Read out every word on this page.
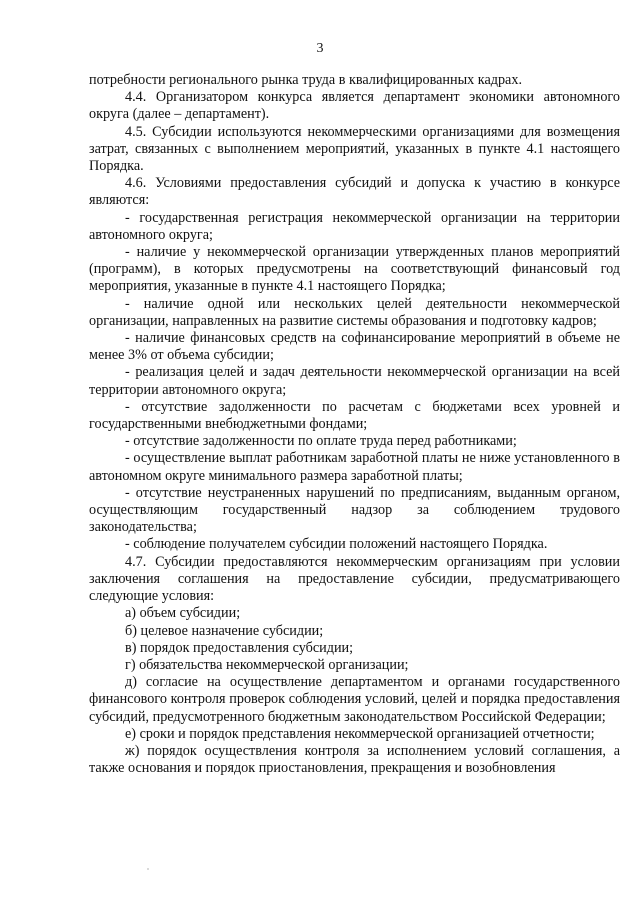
3

потребности регионального рынка труда в квалифицированных кадрах.

4.4. Организатором конкурса является департамент экономики автономного округа (далее – департамент).

4.5. Субсидии используются некоммерческими организациями для возмещения затрат, связанных с выполнением мероприятий, указанных в пункте 4.1 настоящего Порядка.

4.6. Условиями предоставления субсидий и допуска к участию в конкурсе являются:

- государственная регистрация некоммерческой организации на территории автономного округа;

- наличие у некоммерческой организации утвержденных планов мероприятий (программ), в которых предусмотрены на соответствующий финансовый год мероприятия, указанные в пункте 4.1 настоящего Порядка;

- наличие одной или нескольких целей деятельности некоммерческой организации, направленных на развитие системы образования и подготовку кадров;

- наличие финансовых средств на софинансирование мероприятий в объеме не менее 3% от объема субсидии;

- реализация целей и задач деятельности некоммерческой организации на всей территории автономного округа;

- отсутствие задолженности по расчетам с бюджетами всех уровней и государственными внебюджетными фондами;

- отсутствие задолженности по оплате труда перед работниками;

- осуществление выплат работникам заработной платы не ниже установленного в автономном округе минимального размера заработной платы;

- отсутствие неустраненных нарушений по предписаниям, выданным органом, осуществляющим государственный надзор за соблюдением трудового законодательства;

- соблюдение получателем субсидии положений настоящего Порядка.

4.7. Субсидии предоставляются некоммерческим организациям при условии заключения соглашения на предоставление субсидии, предусматривающего следующие условия:

а) объем субсидии;

б) целевое назначение субсидии;

в) порядок предоставления субсидии;

г) обязательства некоммерческой организации;

д) согласие на осуществление департаментом и органами государственного финансового контроля проверок соблюдения условий, целей и порядка предоставления субсидий, предусмотренного бюджетным законодательством Российской Федерации;

е) сроки и порядок представления некоммерческой организацией отчетности;

ж) порядок осуществления контроля за исполнением условий соглашения, а также основания и порядок приостановления, прекращения и возобновления
